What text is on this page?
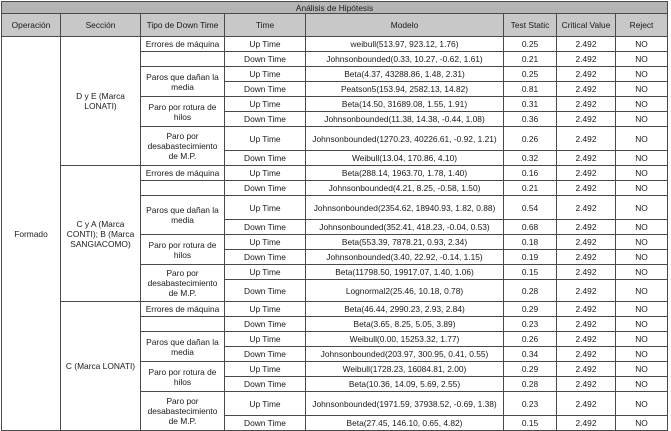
Análisis de Hipótesis							
Operación	Sección	Tipo de Down Time	Time	Modelo	Test Static	Critical Value	Reject
Formado	D y E (Marca LONATI)	Errores de máquina	Up Time	weibull(513.97, 923.12, 1.76)	0.25	2.492	NO
			Down Time	Johnsonbounded(0.33, 10.27, -0.62, 1.61)	0.21	2.492	NO
		Paros que dañan la media	Up Time	Beta(4.37, 43288.86, 1.48, 2.31)	0.25	2.492	NO
			Down Time	Peatson5(153.94, 2582.13, 14.82)	0.81	2.492	NO
		Paro por rotura de hilos	Up Time	Beta(14.50, 31689.08, 1.55, 1.91)	0.31	2.492	NO
			Down Time	Johnsonbounded(11.38, 14.38, -0.44, 1.08)	0.36	2.492	NO
		Paro por desabastecimiento de M.P.	Up Time	Johnsonbounded(1270.23, 40226.61, -0.92, 1.21)	0.26	2.492	NO
			Down Time	Weibull(13.04, 170.86, 4.10)	0.32	2.492	NO
	C y A (Marca CONTI); B (Marca SANGIACOMO)	Errores de máquina	Up Time	Beta(288.14, 1963.70, 1.78, 1.40)	0.16	2.492	NO
			Down Time	Johnsonbounded(4.21, 8.25, -0.58, 1.50)	0.21	2.492	NO
		Paros que dañan la media	Up Time	Johnsonbounded(2354.62, 18940.93, 1.82, 0.88)	0.54	2.492	NO
			Down Time	Johnsonbounded(352.41, 418.23, -0.04, 0.53)	0.68	2.492	NO
		Paro por rotura de hilos	Up Time	Beta(553.39, 7878.21, 0.93, 2.34)	0.18	2.492	NO
			Down Time	Johnsonbounded(3.40, 22.92, -0.14, 1.15)	0.19	2.492	NO
		Paro por desabastecimiento de M.P.	Up Time	Beta(11798.50, 19917.07, 1.40, 1.06)	0.15	2.492	NO
			Down Time	Lognormal2(25.46, 10.18, 0.78)	0.28	2.492	NO
	C (Marca LONATI)	Errores de máquina	Up Time	Beta(46.44, 2990.23, 2.93, 2.84)	0.29	2.492	NO
			Down Time	Beta(3.65, 8.25, 5.05, 3.89)	0.23	2.492	NO
		Paros que dañan la media	Up Time	Weibull(0.00, 15253.32, 1.77)	0.26	2.492	NO
			Down Time	Johnsonbounded(203.97, 300.95, 0.41, 0.55)	0.34	2.492	NO
		Paro por rotura de hilos	Up Time	Weibull(1728.23, 16084.81, 2.00)	0.29	2.492	NO
			Down Time	Beta(10.36, 14.09, 5.69, 2.55)	0.28	2.492	NO
		Paro por desabastecimiento de M.P.	Up Time	Johnsonbounded(1971.59, 37938.52, -0.69, 1.38)	0.23	2.492	NO
			Down Time	Beta(27.45, 146.10, 0.65, 4.82)	0.15	2.492	NO
